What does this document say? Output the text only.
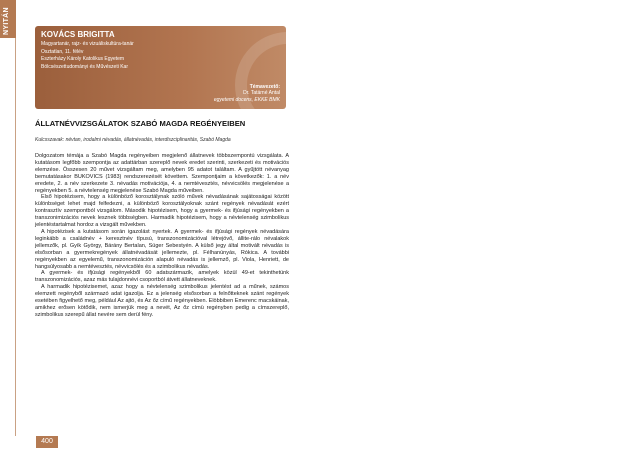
NYITÁN	KOVÁCS BRIGITTA
Magyartanár, rajz- és vizuáliskultúra-tanár
Osztatlan, 11. félév
Eszterházy Károly Katolikus Egyetem
Bölcsészettudományi és Művészeti Kar
Témavezető:
Dr. Tatárné Antal
egyetemi docens, EKKE BMK
ÁLLATNÉVVIZSGÁLATOK SZABÓ MAGDA REGÉNYEIBEN
Kulcsszavak: névtan, irodalmi névadás, állatnévadás, interdiszciplinaritás, Szabó Magda

Dolgozatom témája a Szabó Magda regényeiben megjelenő állatnevek többszempontú vizsgálata. A kutatásom legfőbb szempontja az adattárban szereplő nevek eredet szerinti, szerkezeti és motivációs elemzése. Összesen 20 művet vizsgáltam meg, amelyben 95 adatot találtam. A gyűjtött névanyag bemutatásakor BUKOVICS (1983) rendszerezését követtem. Szempontjaim a következők: 1. a név eredete, 2. a név szerkezete 3. névadás motivációja, 4. a nemtévesztés, névvicsölés megjelenése a regényekben 5. a névtelenség megjelenése Szabó Magda műveiben.

Első hipotézisem, hogy a különböző korosztálynak szóló művek névadásának sajátosságai között különbséget lehet majd felfedezni, a különböző korosztályoknak szánt regények névadását ezért kontrasztív szempontból vizsgálom. Második hipotézisem, hogy a gyermek- és ifjúsági regényekben a transzonimizációs nevek lesznek többségben. Harmadik hipotézisem, hogy a névtelenség szimbolikus jelentéstartalmat hordoz a vizsgált művekben.

A hipotézisek a kutatásom során igazolást nyertek. A gyermek- és ifjúsági regények névadására leginkább a családnév + keresztnév típusú, transzonomizációval létrejövő, állite-rálo névalakok jellemzők, pl. Gyík György, Bárány Bertalan, Süger Sebestyén. A külső jegy által motivált névadás is elsősorban a gyermekregények állatnévadását jellemezte, pl. Félhanúnyás, Rókica. A további regényekben az egyelemű, transzonomizáción alapuló névadás is jellemző, pl. Viola, Henriett, de hangsúlyosabb a nemtévesztés, névvicsölés és a szimbolikus névadás.

A gyermek- és ifjúsági regényekből 60 adatszármazik, amelyek közül 49-et tekinthetünk transzonomizációs, azaz más tulajdonnévi csoportból átvett állatneveknek.

A harmadik hipotézisemet, azaz hogy a névtelenség szimbolikus jelentést ad a műnek, számos elemzett regényből származó adat igazolja. Ez a jelenség elsősorban a felnőtteknek szánt regények esetében figyelhető meg, például Az ajtó, és Az őz című regényekben. Elöbbiben Emerenc macskáinak, amikhez erősen kötődik, nem ismerjük meg a nevét, Az őz címü regényben pedig a címszereplő, szimbolikus szerepű állat nevére sem derül fény.

400
